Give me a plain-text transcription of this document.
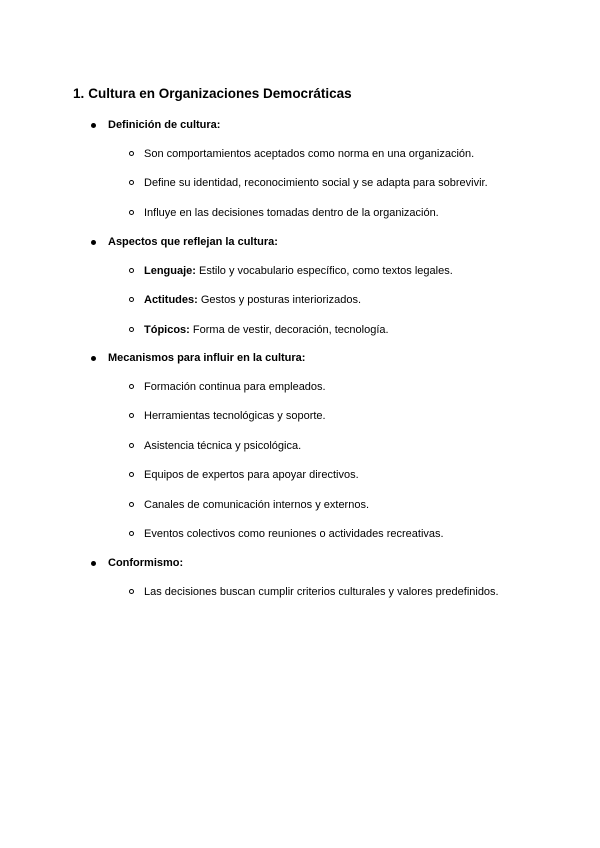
1. Cultura en Organizaciones Democráticas
Definición de cultura:
Son comportamientos aceptados como norma en una organización.
Define su identidad, reconocimiento social y se adapta para sobrevivir.
Influye en las decisiones tomadas dentro de la organización.
Aspectos que reflejan la cultura:
Lenguaje: Estilo y vocabulario específico, como textos legales.
Actitudes: Gestos y posturas interiorizados.
Tópicos: Forma de vestir, decoración, tecnología.
Mecanismos para influir en la cultura:
Formación continua para empleados.
Herramientas tecnológicas y soporte.
Asistencia técnica y psicológica.
Equipos de expertos para apoyar directivos.
Canales de comunicación internos y externos.
Eventos colectivos como reuniones o actividades recreativas.
Conformismo:
Las decisiones buscan cumplir criterios culturales y valores predefinidos.
